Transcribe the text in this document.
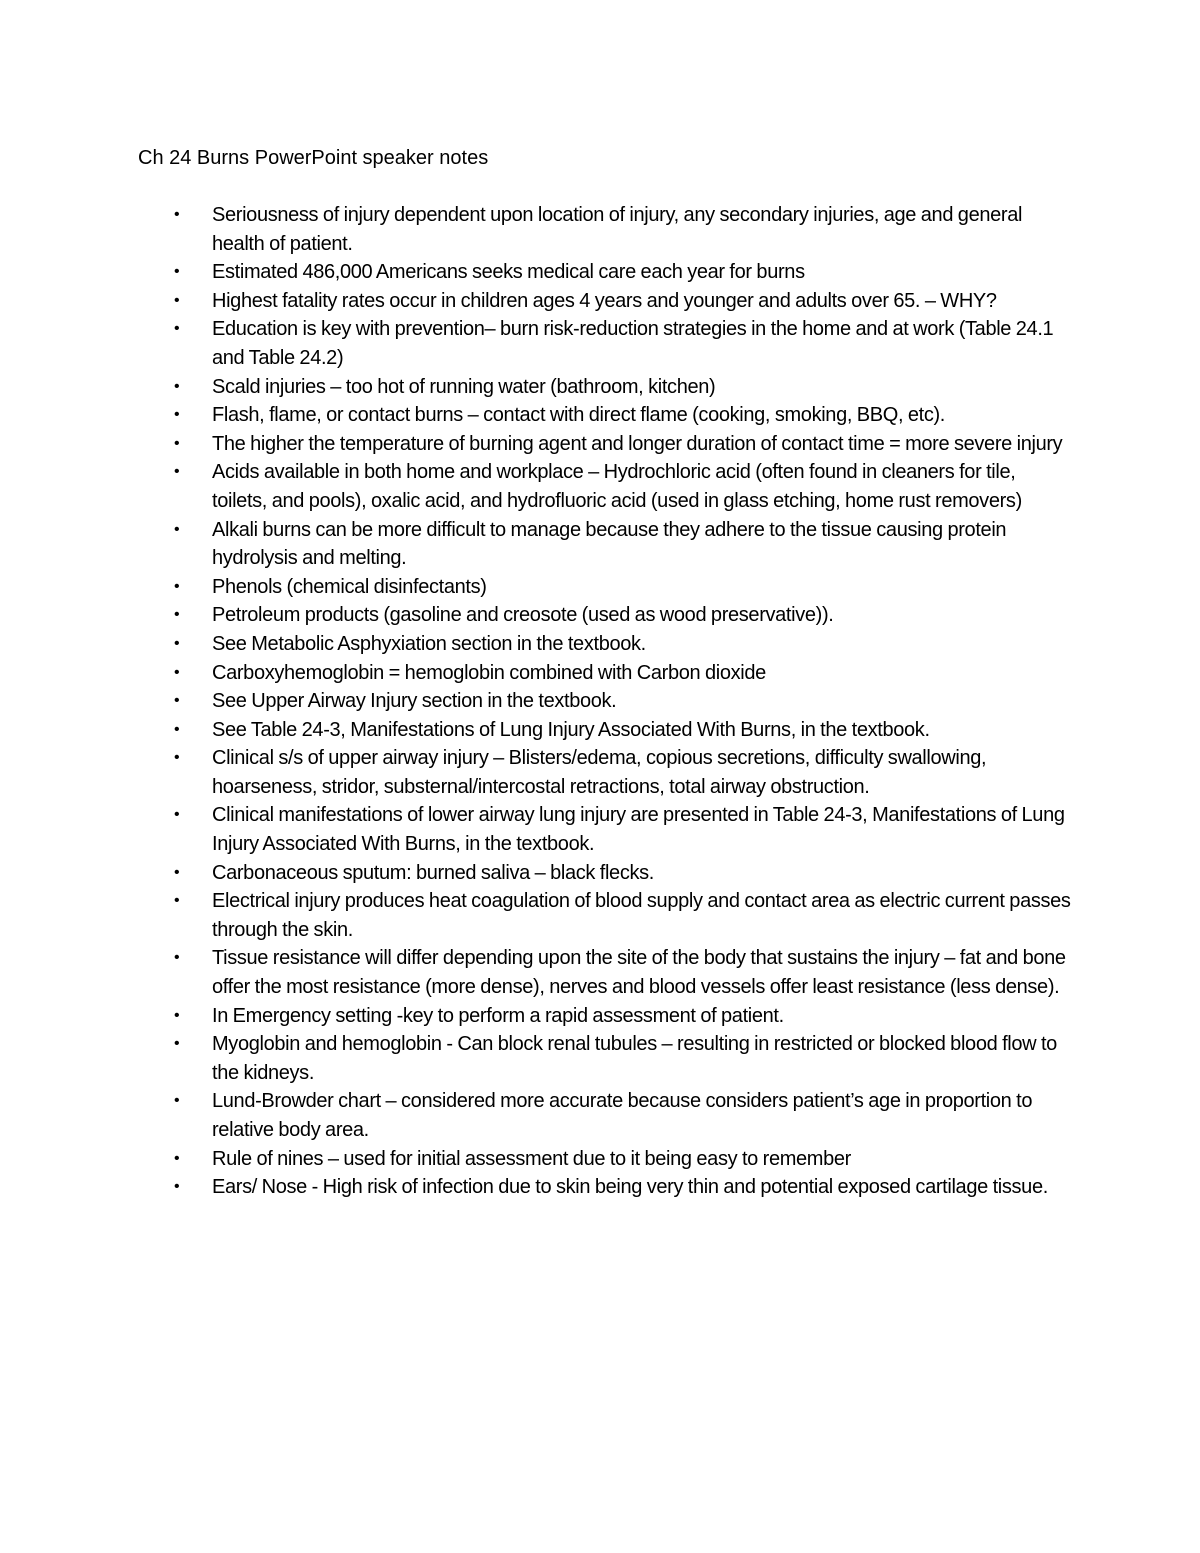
Ch 24 Burns PowerPoint speaker notes
• Seriousness of injury dependent upon location of injury, any secondary injuries, age and general health of patient.
• Estimated 486,000 Americans seeks medical care each year for burns
• Highest fatality rates occur in children ages 4 years and younger and adults over 65. – WHY?
• Education is key with prevention– burn risk-reduction strategies in the home and at work (Table 24.1 and Table 24.2)
• Scald injuries – too hot of running water (bathroom, kitchen)
• Flash, flame, or contact burns – contact with direct flame (cooking, smoking, BBQ, etc).
• The higher the temperature of burning agent and longer duration of contact time = more severe injury
• Acids available in both home and workplace – Hydrochloric acid (often found in cleaners for tile, toilets, and pools), oxalic acid, and hydrofluoric acid (used in glass etching, home rust removers)
• Alkali burns can be more difficult to manage because they adhere to the tissue causing protein hydrolysis and melting.
• Phenols (chemical disinfectants)
• Petroleum products (gasoline and creosote (used as wood preservative)).
• See Metabolic Asphyxiation section in the textbook.
• Carboxyhemoglobin = hemoglobin combined with Carbon dioxide
• See Upper Airway Injury section in the textbook.
• See Table 24-3, Manifestations of Lung Injury Associated With Burns, in the textbook.
• Clinical s/s of upper airway injury – Blisters/edema, copious secretions, difficulty swallowing, hoarseness, stridor, substernal/intercostal retractions, total airway obstruction.
• Clinical manifestations of lower airway lung injury are presented in Table 24-3, Manifestations of Lung Injury Associated With Burns, in the textbook.
• Carbonaceous sputum: burned saliva – black flecks.
• Electrical injury produces heat coagulation of blood supply and contact area as electric current passes through the skin.
• Tissue resistance will differ depending upon the site of the body that sustains the injury – fat and bone offer the most resistance (more dense), nerves and blood vessels offer least resistance (less dense).
• In Emergency setting -key to perform a rapid assessment of patient.
• Myoglobin and hemoglobin - Can block renal tubules – resulting in restricted or blocked blood flow to the kidneys.
• Lund-Browder chart – considered more accurate because considers patient’s age in proportion to relative body area.
• Rule of nines – used for initial assessment due to it being easy to remember
• Ears/ Nose - High risk of infection due to skin being very thin and potential exposed cartilage tissue.
